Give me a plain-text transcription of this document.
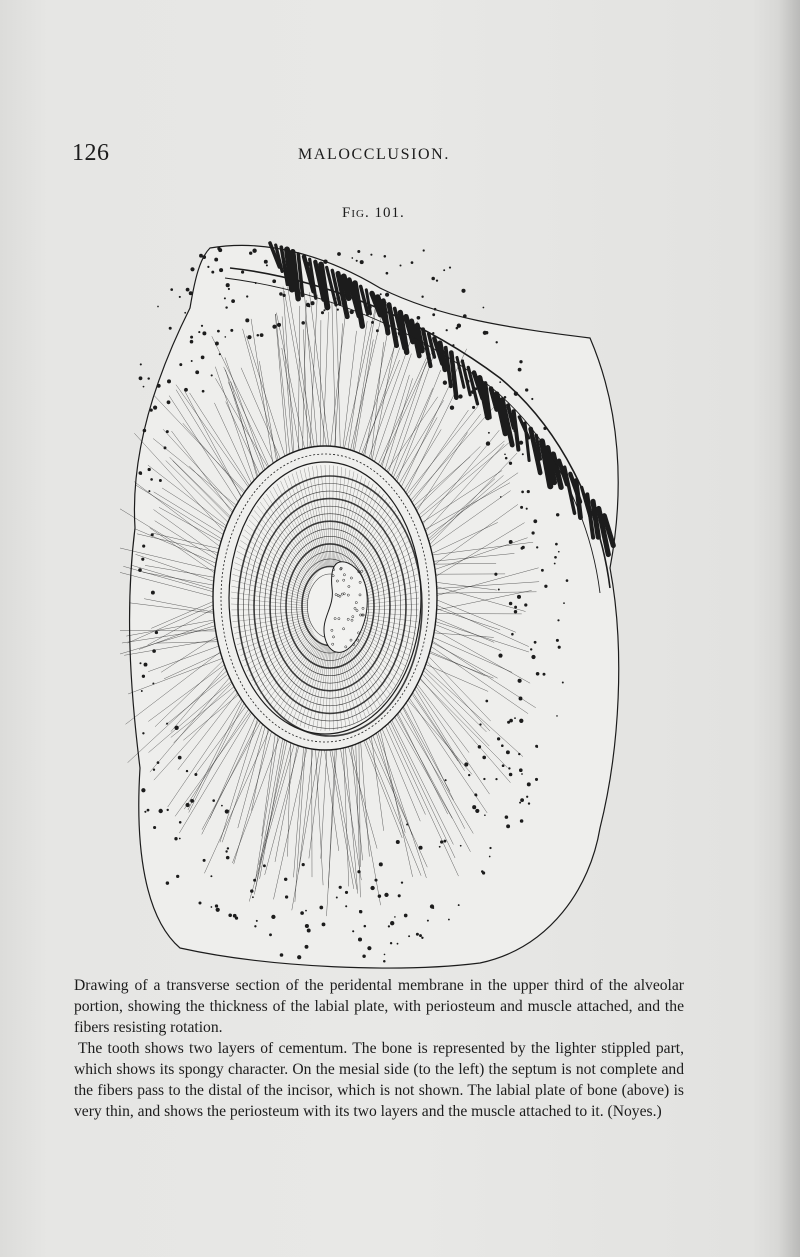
126	MALOCCLUSION.
Fig. 101.

Drawing of a transverse section of the peridental membrane in the upper third of the alveolar portion, showing the thickness of the labial plate, with periosteum and muscle attached, and the fibers resisting rotation.

The tooth shows two layers of cementum. The bone is represented by the lighter stippled part, which shows its spongy character. On the mesial side (to the left) the septum is not complete and the fibers pass to the distal of the incisor, which is not shown. The labial plate of bone (above) is very thin, and shows the periosteum with its two layers and the muscle attached to it. (Noyes.)
